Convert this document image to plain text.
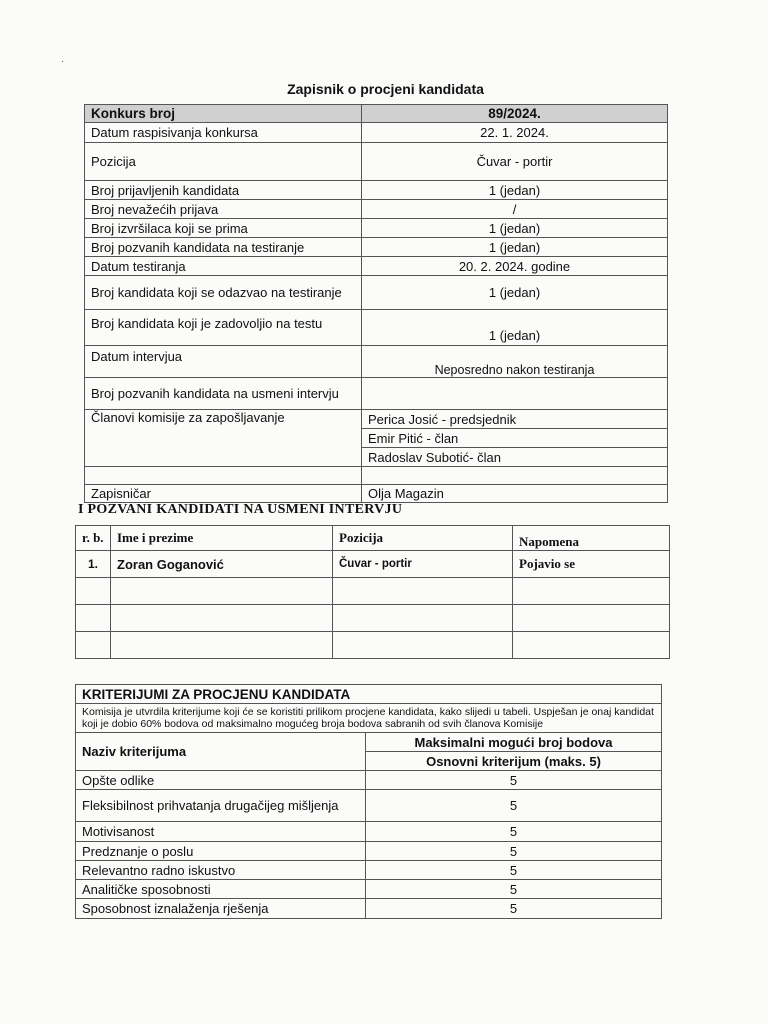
·
Zapisnik o procjeni kandidata
Konkurs broj	89/2024.
Datum raspisivanja konkursa	22. 1. 2024.
Pozicija	Čuvar - portir
Broj prijavljenih kandidata	1 (jedan)
Broj nevažećih prijava	/
Broj izvršilaca koji se prima	1 (jedan)
Broj pozvanih kandidata na testiranje	1 (jedan)
Datum testiranja	20. 2. 2024. godine
Broj kandidata koji se odazvao na testiranje	1 (jedan)
Broj kandidata koji je zadovoljio na testu	1 (jedan)
Datum intervjua	Neposredno nakon testiranja
Broj pozvanih kandidata na usmeni intervju	
Članovi komisije za zapošljavanje	Perica Josić - predsjednik
	Emir Pitić - član
	Radoslav Subotić- član

Zapisničar	Olja Magazin
I POZVANI KANDIDATI NA USMENI INTERVJU
r. b.	Ime i prezime	Pozicija	Napomena
1.	Zoran Goganović	Čuvar - portir	Pojavio se

KRITERIJUMI ZA PROCJENU KANDIDATA	
Komisija je utvrdila kriterijume koji će se koristiti prilikom procjene kandidata, kako slijedi u tabeli. Uspješan je onaj kandidat koji je dobio 60% bodova od maksimalno mogućeg broja bodova sabranih od svih članova Komisije	
Naziv kriterijuma	Maksimalni mogući broj bodova
	Osnovni kriterijum (maks. 5)
Opšte odlike	5
Fleksibilnost prihvatanja drugačijeg mišljenja	5
Motivisanost	5
Predznanje o poslu	5
Relevantno radno iskustvo	5
Analitičke sposobnosti	5
Sposobnost iznalaženja rješenja	5
